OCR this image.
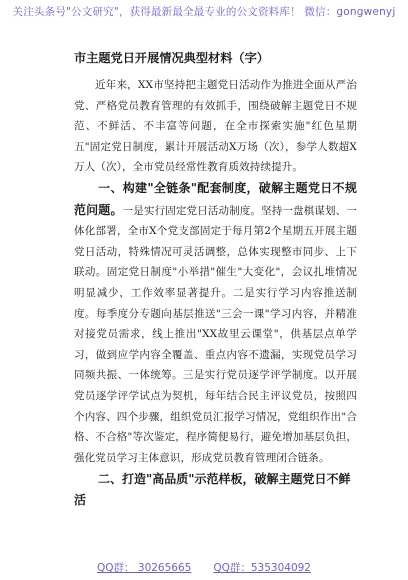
关注头条号"公文研究"，获得最新最全最专业的公文资料库！ 微信：gongwenyj
市主题党日开展情况典型材料（字）

近年来，XX市坚持把主题党日活动作为推进全面从严治党、严格党员教育管理的有效抓手，围绕破解主题党日不规范、不鲜活、不丰富等问题，在全市探索实施"红色星期五"固定党日制度，累计开展活动X万场（次），参学人数超X万人（次），全市党员经常性教育质效持续提升。

一、构建"全链条"配套制度，破解主题党日不规范问题。一是实行固定党日活动制度。坚持一盘棋谋划、一体化部署，全市X个党支部固定于每月第2个星期五开展主题党日活动，特殊情况可灵活调整，总体实现整市同步、上下联动。固定党日制度"小举措"催生"大变化"，会议扎堆情况明显减少，工作效率显著提升。二是实行学习内容推送制度。每季度分专题向基层推送"三会一课"学习内容，并精准对接党员需求，线上推出"XX故里云课堂"，供基层点单学习，做到应学内容全覆盖、重点内容不遗漏，实现党员学习同频共振、一体统筹。三是实行党员逐学评学制度。以开展党员逐学评学试点为契机，每年结合民主评议党员，按照四个内容、四个步骤，组织党员汇报学习情况，党组织作出"合格、不合格"等次鉴定，程序简便易行，避免增加基层负担，强化党员学习主体意识，形成党员教育管理闭合链条。

二、打造"高品质"示范样板，破解主题党日不鲜活
QQ群： 30265665 QQ群：535304092
